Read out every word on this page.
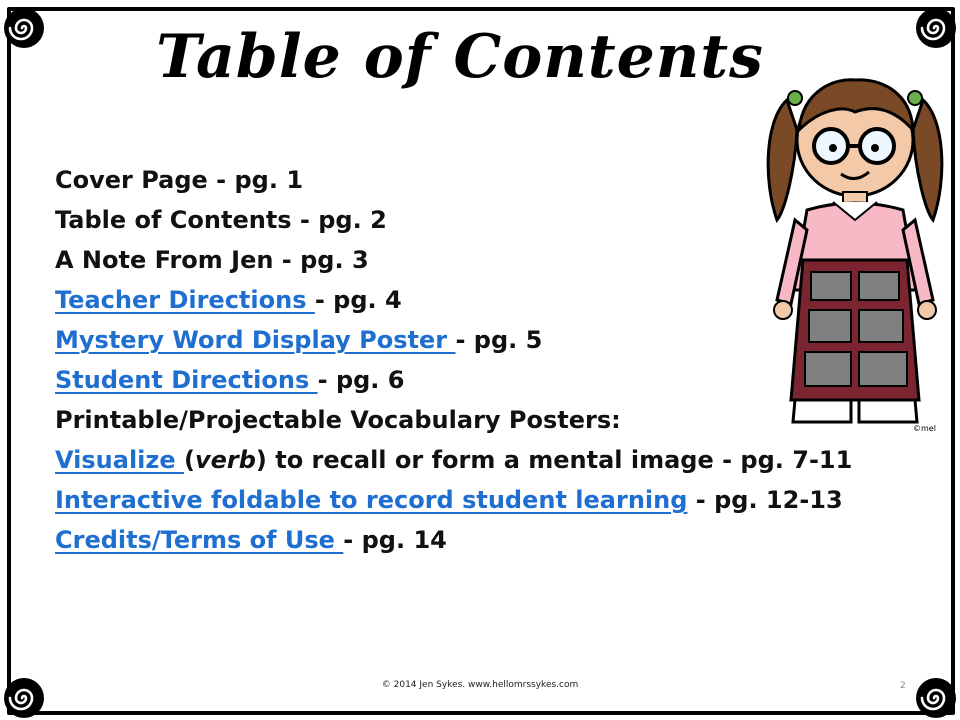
Table of Contents
Cover Page - pg. 1
Table of Contents - pg. 2
A Note From Jen - pg. 3
Teacher Directions - pg. 4
Mystery Word Display Poster - pg. 5
Student Directions - pg. 6
Printable/Projectable Vocabulary Posters:
Visualize (verb) to recall or form a mental image - pg. 7-11
Interactive foldable to record student learning - pg. 12-13
Credits/Terms of Use - pg. 14
©mel
© 2014 Jen Sykes. www.hellomrssykes.com	2
